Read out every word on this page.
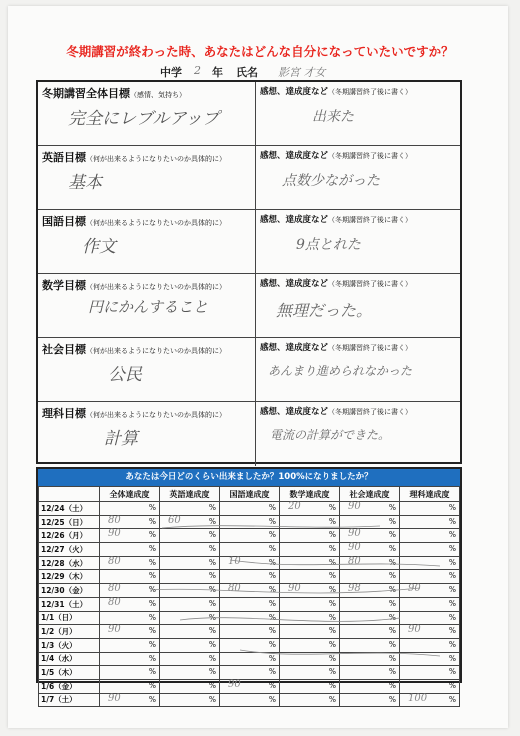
冬期講習が終わった時、あなたはどんな自分になっていたいですか？
中学 2 年 氏名 影宮 才女
冬期講習全体目標（感情、気持ち）
完全にレブルアップ
感想、達成度など（冬期講習終了後に書く）
出来た
英語目標（何が出来るようになりたいのか具体的に）
基本
感想、達成度など（冬期講習終了後に書く）
点数少ながった
国語目標（何が出来るようになりたいのか具体的に）
作文
感想、達成度など（冬期講習終了後に書く）
9点とれた
数学目標（何が出来るようになりたいのか具体的に）
円にかんすること
感想、達成度など（冬期講習終了後に書く）
無理だった。
社会目標（何が出来るようになりたいのか具体的に）
公民
感想、達成度など（冬期講習終了後に書く）
あんまり進められなかった
理科目標（何が出来るようになりたいのか具体的に）
計算
感想、達成度など（冬期講習終了後に書く）
電流の計算ができた。
あなたは今日どのくらい出来ましたか？100%になりましたか？
	全体達成度	英語達成度	国語達成度	数学達成度	社会達成度	理科達成度
12/24（土）	%	%	%	20 %	90 %	%

12/25（日）	80 %	60 %	%	%	%	%

12/26（月）	90 %	%	%	%	90 %	%

12/27（火）	%	%	%	%	90 %	%

12/28（水）	80 %	%	10 %	%	80 %	%

12/29（木）	%	%	%	%	%	%

12/30（金）	80 %	%	80 %	90 %	98 %	90 %

12/31（土）	80 %	%	%	%	%	%

1/1（日）	%	%	%	%	%	%

1/2（月）	90 %	%	%	%	%	90 %

1/3（火）	%	%	%	%	%	%

1/4（水）	%	%	%	%	%	%

1/5（木）	%	%	%	%	%	%

1/6（金）	%	%	90 %	%	%	%

1/7（土）	90 %	%	%	%	%	100 %
